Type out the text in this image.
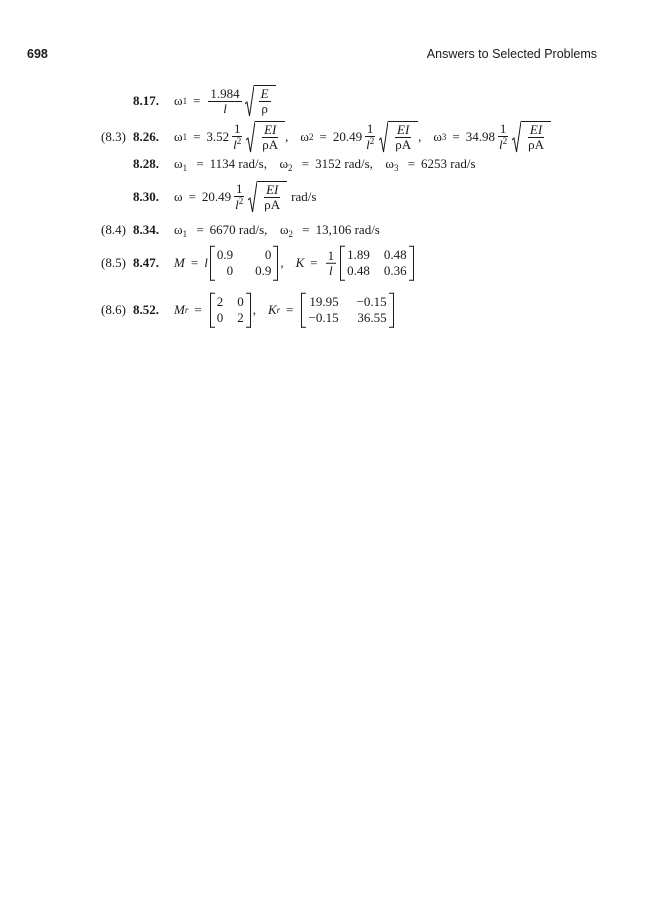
698	Answers to Selected Problems
8.17. ω $1 = \frac{1.984}{l} \frac{E}{\rho}$
(8.3) 8.26. ω $1 = 3.52 \frac{1}{l^2} \frac{EI}{\rho A}$ , ω $2 = 20.49 \frac{1}{l^2} \frac{EI}{\rho A}$ , ω $3 = 34.98 \frac{1}{l^2} \frac{EI}{\rho A}$
8.28. $\omega_1 = 1134$ rad/s, $\omega_2 = 3152$ rad/s, $\omega_3 = 6253$ rad/s
8.30. $\omega = 20.49 \frac{1}{l^2} \frac{EI}{\rho A} rad/s$
(8.4) 8.34. $\omega_1 = 6670$ rad/s, $\omega_2 = 13,106$ rad/s
(8.5) 8.47. M = l
0.9	0
0 0.9
, $K = \frac{1}{l} 1.89$ 0.48
0.48 0.36
(8.6) 8.52. M r =
2 0
0 2
, K r =
19.95 −0.15
−0.15 36.55
